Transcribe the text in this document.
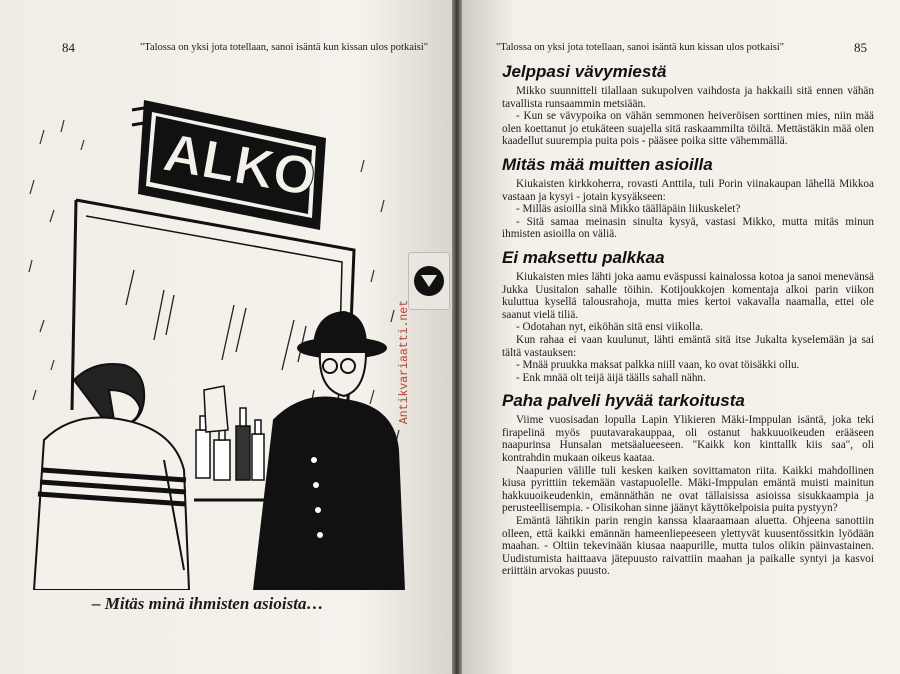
84	"Talossa on yksi jota totellaan, sanoi isäntä kun kissan ulos potkaisi"
ALKO
Antikvariaatti.net
– Mitäs minä ihmisten asioista…
"Talossa on yksi jota totellaan, sanoi isäntä kun kissan ulos potkaisi"	85
Jelppasi vävymiestä

Mikko suunnitteli tilallaan sukupolven vaihdosta ja hakkaili sitä ennen vähän tavallista runsaammin metsiään.

- Kun se vävypoika on vähän semmonen heiveröisen sorttinen mies, niin mää olen koettanut jo etukäteen suajella sitä raskaammilta töiltä. Mettästäkin mää olen kaadellut suurempia puita pois - pääsee poika sitte vähemmällä.

Mitäs mää muitten asioilla

Kiukaisten kirkkoherra, rovasti Anttila, tuli Porin viinakaupan lähellä Mikkoa vastaan ja kysyi - jotain kysyäkseen:

- Milläs asioilla sinä Mikko täälläpäin liikuskelet?

- Sitä samaa meinasin sinulta kysyä, vastasi Mikko, mutta mitäs minun ihmisten asioilla on väliä.

Ei maksettu palkkaa

Kiukaisten mies lähti joka aamu eväspussi kainalossa kotoa ja sanoi menevänsä Jukka Uusitalon sahalle töihin. Kotijoukkojen komentaja alkoi parin viikon kuluttua kysellä talousrahoja, mutta mies kertoi vakavalla naamalla, ettei ole saanut vielä tiliä.

- Odotahan nyt, eiköhän sitä ensi viikolla.

Kun rahaa ei vaan kuulunut, lähti emäntä sitä itse Jukalta kyselemään ja sai tältä vastauksen:

- Mnää pruukka maksat palkka niill vaan, ko ovat töisäkki ollu.

- Enk mnää olt teijä äijä täälls sahall nähn.

Paha palveli hyvää tarkoitusta

Viime vuosisadan lopulla Lapin Ylikieren Mäki-Imppulan isäntä, joka teki firapelinä myös puutavarakauppaa, oli ostanut hakkuuoikeuden erääseen naapurinsa Hunsalan metsäalueeseen. "Kaikk kon kinttallk kiis saa", oli kontrahdin mukaan oikeus kaataa.

Naapurien välille tuli kesken kaiken sovittamaton riita. Kaikki mahdollinen kiusa pyrittiin tekemään vastapuolelle. Mäki-Imppulan emäntä muisti mainitun hakkuuoikeudenkin, emännäthän ne ovat tällaisissa asioissa sisukkaampia ja perusteellisempia. - Olisikohan sinne jäänyt käyttökelpoisia puita pystyyn?

Emäntä lähtikin parin rengin kanssa klaaraamaan aluetta. Ohjeena sanottiin olleen, että kaikki emännän hameenliepeeseen ylettyvät kuusentössitkin lyödään maahan. - Oltiin tekevinään kiusaa naapurille, mutta tulos olikin päinvastainen. Uudistumista haittaava jätepuusto raivattiin maahan ja paikalle syntyi ja kasvoi eriittäin arvokas puusto.
